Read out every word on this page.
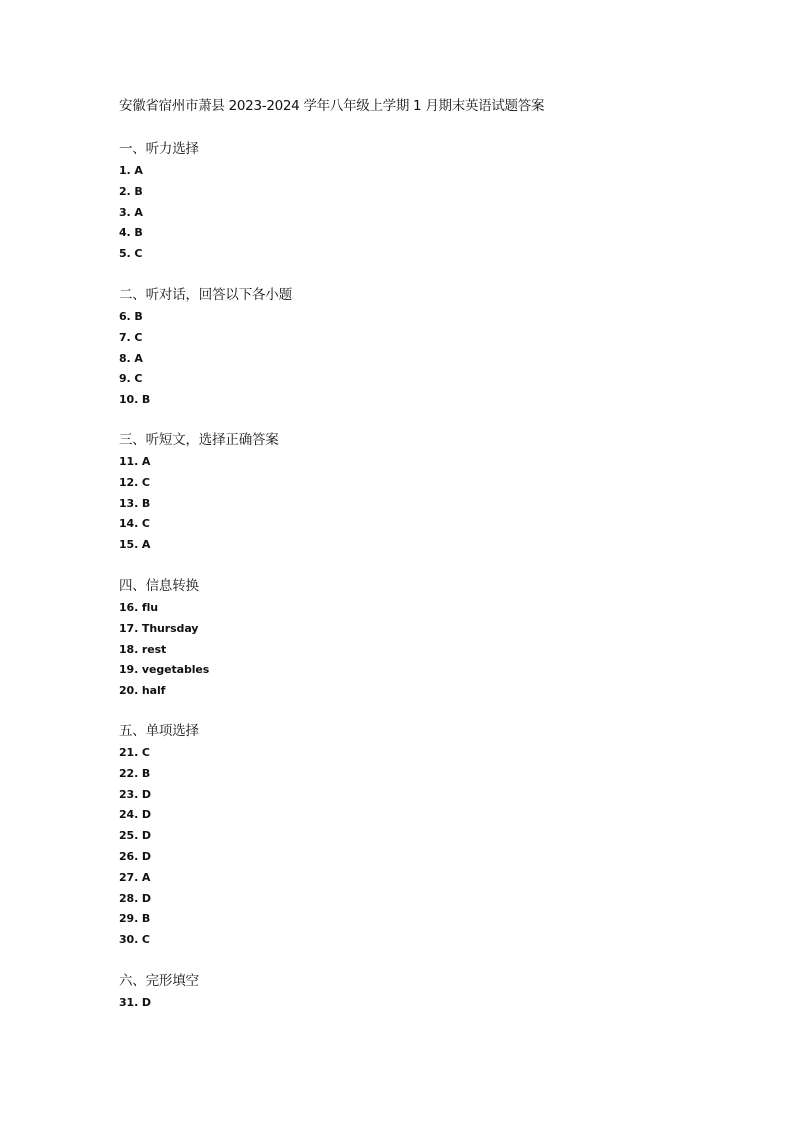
安徽省宿州市萧县 2023-2024 学年八年级上学期 1 月期末英语试题答案
一、听力选择
1. A
2. B
3. A
4. B
5. C
二、听对话，回答以下各小题
6. B
7. C
8. A
9. C
10. B
三、听短文，选择正确答案
11. A
12. C
13. B
14. C
15. A
四、信息转换
16. flu
17. Thursday
18. rest
19. vegetables
20. half
五、单项选择
21. C
22. B
23. D
24. D
25. D
26. D
27. A
28. D
29. B
30. C
六、完形填空
31. D
